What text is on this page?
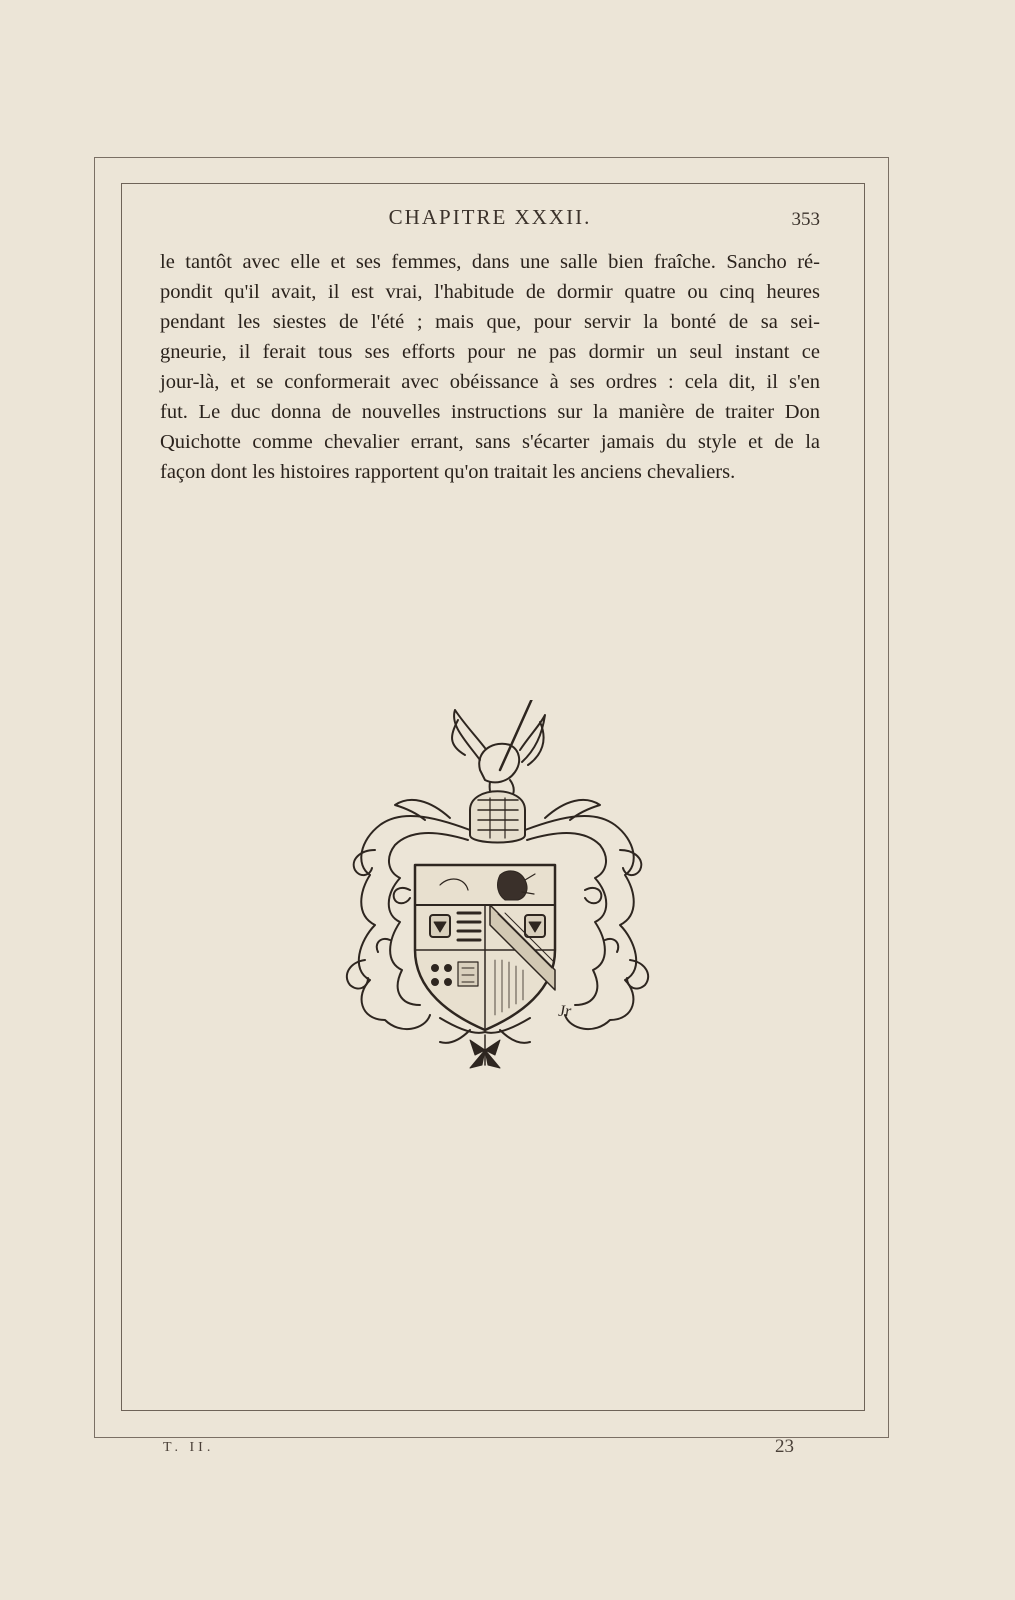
CHAPITRE XXXII.	353
le tantôt avec elle et ses femmes, dans une salle bien fraîche. Sancho ré-
pondit qu'il avait, il est vrai, l'habitude de dormir quatre ou cinq heures
pendant les siestes de l'été ; mais que, pour servir la bonté de sa sei-
gneurie, il ferait tous ses efforts pour ne pas dormir un seul instant ce
jour-là, et se conformerait avec obéissance à ses ordres : cela dit, il s'en
fut. Le duc donna de nouvelles instructions sur la manière de traiter Don
Quichotte comme chevalier errant, sans s'écarter jamais du style et de la
façon dont les histoires rapportent qu'on traitait les anciens chevaliers.
Jr
T. II.	23
